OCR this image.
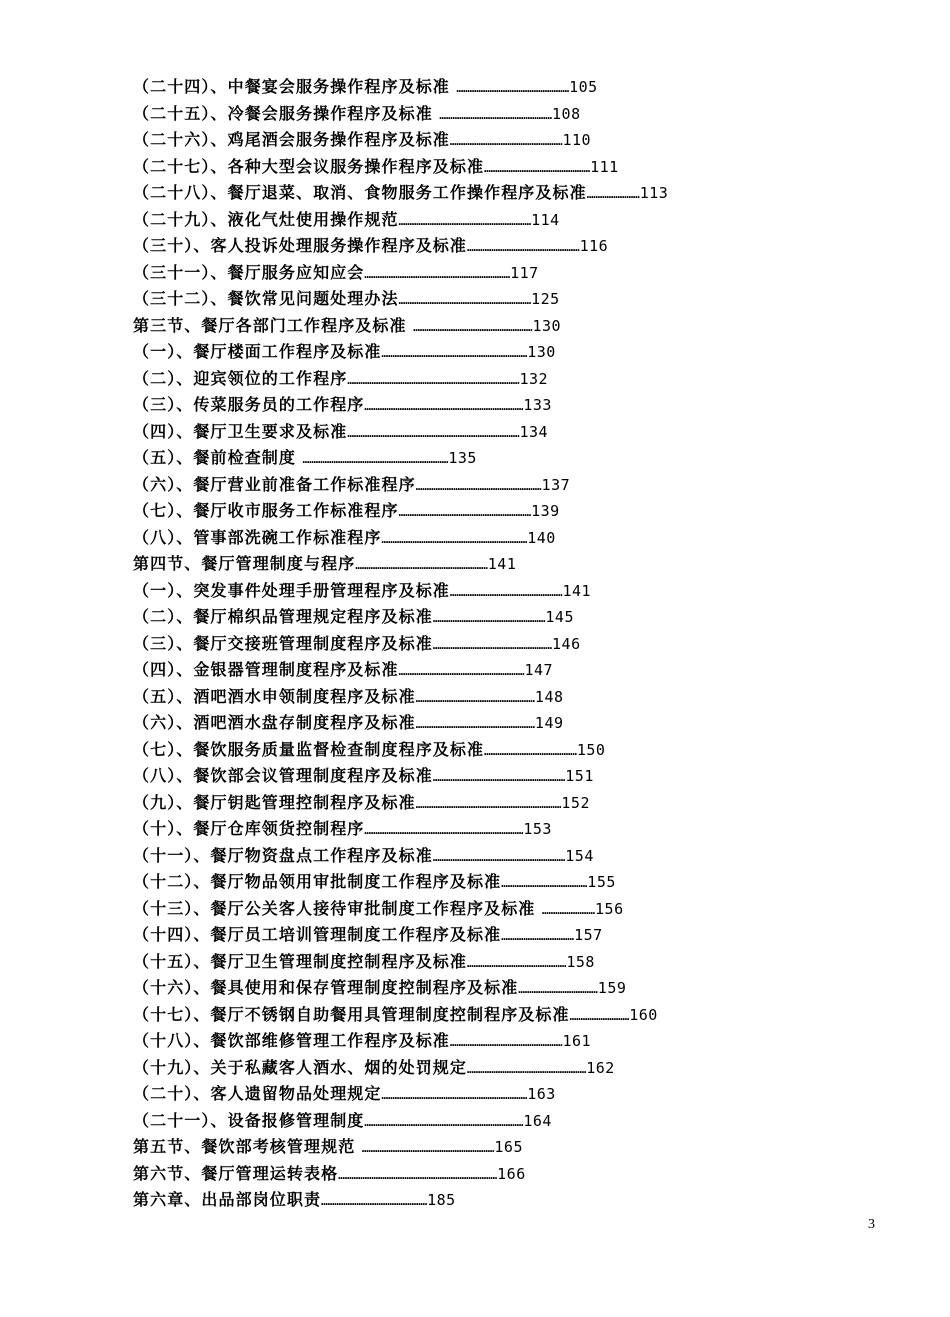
（二十四）、中餐宴会服务操作程序及标准 ……………………………………………105
（二十五）、冷餐会服务操作程序及标准 ……………………………………………108
（二十六）、鸡尾酒会服务操作程序及标准……………………………………………110
（二十七）、各种大型会议服务操作程序及标准…………………………………………111
（二十八）、餐厅退菜、取消、食物服务工作操作程序及标准……………………113
（二十九）、液化气灶使用操作规范……………………………………………………114
（三十）、客人投诉处理服务操作程序及标准……………………………………………116
（三十一）、餐厅服务应知应会…………………………………………………………117
（三十二）、餐饮常见问题处理办法……………………………………………………125
第三节、餐厅各部门工作程序及标准 ………………………………………………130
（一）、餐厅楼面工作程序及标准…………………………………………………………130
（二）、迎宾领位的工作程序……………………………………………………………………132
（三）、传菜服务员的工作程序………………………………………………………………133
（四）、餐厅卫生要求及标准……………………………………………………………………134
（五）、餐前检查制度 …………………………………………………………135
（六）、餐厅营业前准备工作标准程序…………………………………………………137
（七）、餐厅收市服务工作标准程序……………………………………………………139
（八）、管事部洗碗工作标准程序…………………………………………………………140
第四节、餐厅管理制度与程序……………………………………………………141
（一）、突发事件处理手册管理程序及标准……………………………………………141
（二）、餐厅棉织品管理规定程序及标准……………………………………………145
（三）、餐厅交接班管理制度程序及标准………………………………………………146
（四）、金银器管理制度程序及标准…………………………………………………147
（五）、酒吧酒水申领制度程序及标准………………………………………………148
（六）、酒吧酒水盘存制度程序及标准………………………………………………149
（七）、餐饮服务质量监督检查制度程序及标准……………………………………150
（八）、餐饮部会议管理制度程序及标准……………………………………………………151
（九）、餐厅钥匙管理控制程序及标准…………………………………………………………152
（十）、餐厅仓库领货控制程序………………………………………………………………153
（十一）、餐厅物资盘点工作程序及标准……………………………………………………154
（十二）、餐厅物品领用审批制度工作程序及标准…………………………………155
（十三）、餐厅公关客人接待审批制度工作程序及标准 ……………………156
（十四）、餐厅员工培训管理制度工作程序及标准……………………………157
（十五）、餐厅卫生管理制度控制程序及标准………………………………………158
（十六）、餐具使用和保存管理制度控制程序及标准………………………………159
（十七）、餐厅不锈钢自助餐用具管理制度控制程序及标准………………………160
（十八）、餐饮部维修管理工作程序及标准……………………………………………161
（十九）、关于私藏客人酒水、烟的处罚规定………………………………………………162
（二十）、客人遗留物品处理规定…………………………………………………………163
（二十一）、设备报修管理制度………………………………………………………………164
第五节、餐饮部考核管理规范 ……………………………………………………165
第六节、餐厅管理运转表格………………………………………………………………166
第六章、出品部岗位职责…………………………………………185
3
